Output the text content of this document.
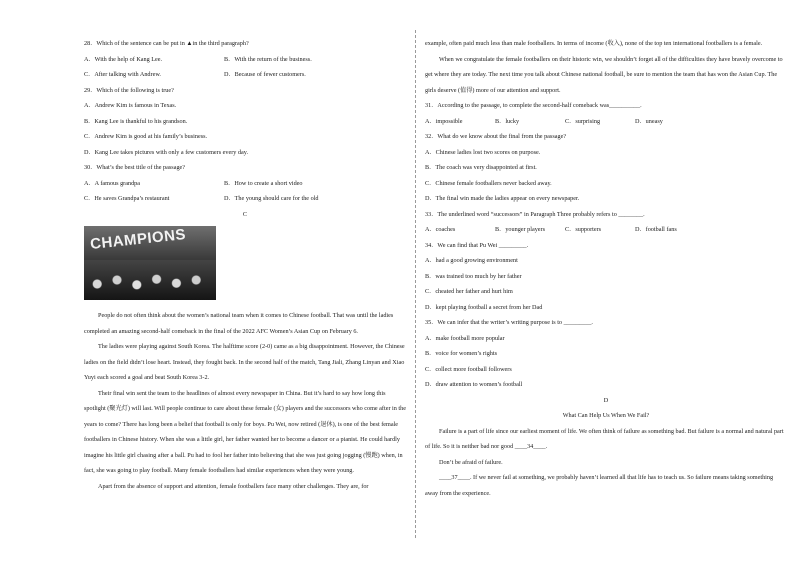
28．Which of the sentence can be put in ▲in the third paragraph?
A．With the help of Kang Lee.	B．With the return of the business.
C．After talking with Andrew.	D．Because of fewer customers.
29．Which of the following is true?
A．Andrew Kim is famous in Texas.
B．Kang Lee is thankful to his grandson.
C．Andrew Kim is good at his family’s business.
D．Kang Lee takes pictures with only a few customers every day.
30．What’s the best title of the passage?
A．A famous grandpa	B．How to create a short video
C．He saves Grandpa’s restaurant	D．The young should care for the old
C
CHAMPIONS
People do not often think about the women’s national team when it comes to Chinese football. That was until the ladies completed an amazing second-half comeback in the final of the 2022 AFC Women’s Asian Cup on February 6.
The ladies were playing against South Korea. The halftime score (2-0) came as a big disappointment. However, the Chinese ladies on the field didn’t lose heart. Instead, they fought back. In the second half of the match, Tang Jiali, Zhang Linyan and Xiao Yuyi each scored a goal and beat South Korea 3-2.
Their final win sent the team to the headlines of almost every newspaper in China. But it’s hard to say how long this spotlight (聚光灯) will last. Will people continue to care about these female (女) players and the successors who come after in the years to come? There has long been a belief that football is only for boys. Pu Wei, now retired (退休), is one of the best female footballers in Chinese history. When she was a little girl, her father wanted her to become a dancer or a pianist. He could hardly imagine his little girl chasing after a ball. Pu had to fool her father into believing that she was just going jogging (慢跑) when, in fact, she was going to play football. Many female footballers had similar experiences when they were young.
Apart from the absence of support and attention, female footballers face many other challenges. They are, for
example, often paid much less than male footballers. In terms of income (收入), none of the top ten international footballers is a female.
When we congratulate the female footballers on their historic win, we shouldn’t forget all of the difficulties they have bravely overcome to get where they are today. The next time you talk about Chinese national football, be sure to mention the team that has won the Asian Cup. The girls deserve (值得) more of our attention and support.
31．According to the passage, to complete the second-half comeback was__________.
A．impossible	B．lucky	C．surprising	D．uneasy
32．What do we know about the final from the passage?
A．Chinese ladies lost two scores on purpose.
B．The coach was very disappointed at first.
C．Chinese female footballers never backed away.
D．The final win made the ladies appear on every newspaper.
33．The underlined word “successors” in Paragraph Three probably refers to ________.
A．coaches	B．younger players	C．supporters	D．football fans
34．We can find that Pu Wei _________.
A．had a good growing environment
B．was trained too much by her father
C．cheated her father and hurt him
D．kept playing football a secret from her Dad
35．We can infer that the writer’s writing purpose is to _________.
A．make football more popular
B．voice for women’s rights
C．collect more football followers
D．draw attention to women’s football
D
What Can Help Us When We Fail?
Failure is a part of life since our earliest moment of life. We often think of failure as something bad. But failure is a normal and natural part of life. So it is neither bad nor good ____34____.
Don’t be afraid of failure.
____37____. If we never fail at something, we probably haven’t learned all that life has to teach us. So failure means taking something away from the experience.
